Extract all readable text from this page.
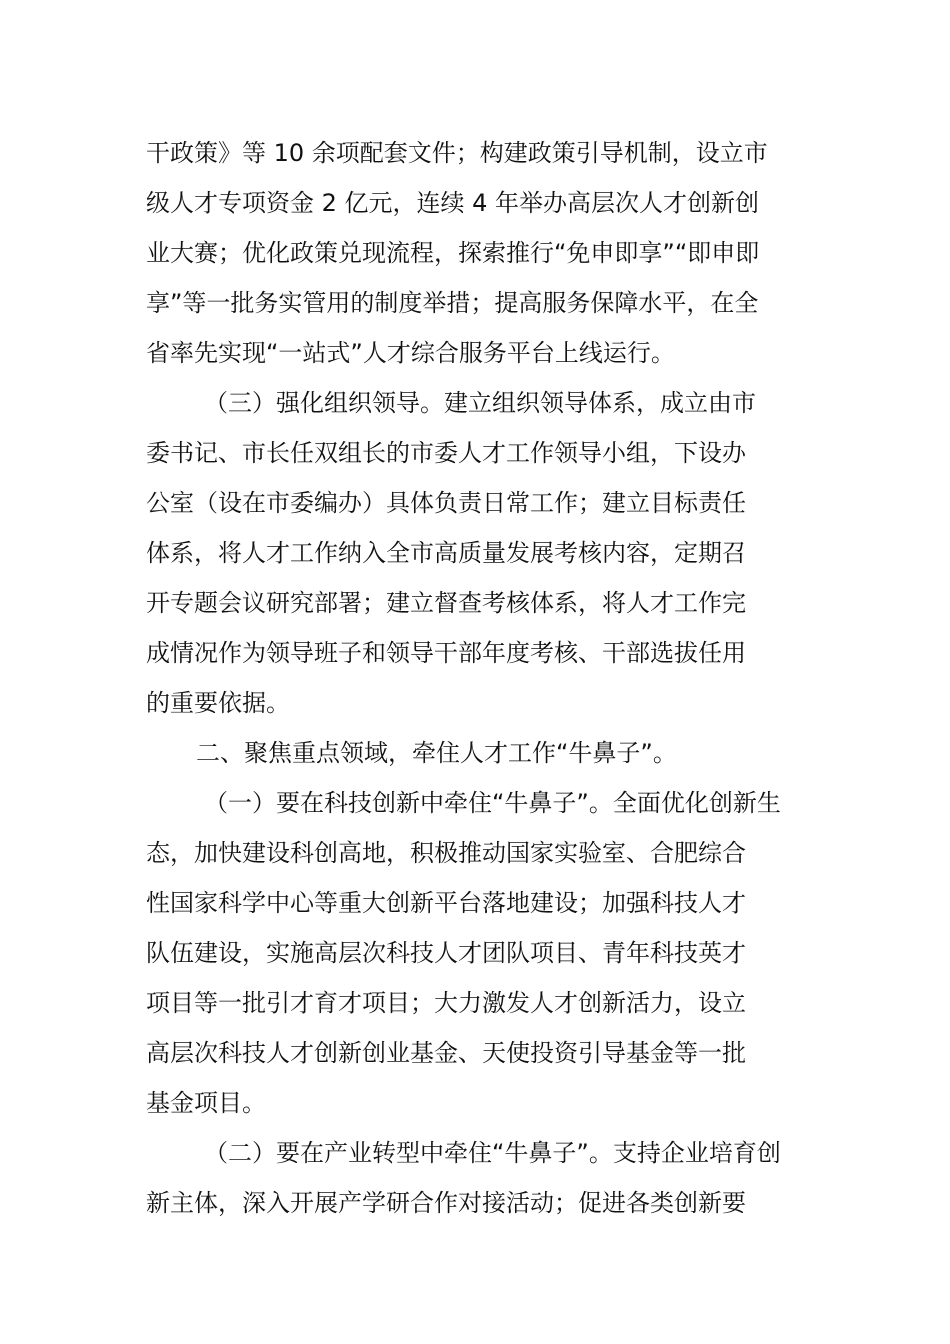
干政策》等 10 余项配套文件；构建政策引导机制，设立市
级人才专项资金 2 亿元，连续 4 年举办高层次人才创新创
业大赛；优化政策兑现流程，探索推行“免申即享”“即申即
享”等一批务实管用的制度举措；提高服务保障水平，在全
省率先实现“一站式”人才综合服务平台上线运行。
（三）强化组织领导。建立组织领导体系，成立由市
委书记、市长任双组长的市委人才工作领导小组，下设办
公室（设在市委编办）具体负责日常工作；建立目标责任
体系，将人才工作纳入全市高质量发展考核内容，定期召
开专题会议研究部署；建立督查考核体系，将人才工作完
成情况作为领导班子和领导干部年度考核、干部选拔任用
的重要依据。
二、聚焦重点领域，牵住人才工作“牛鼻子”。
（一）要在科技创新中牵住“牛鼻子”。全面优化创新生
态，加快建设科创高地，积极推动国家实验室、合肥综合
性国家科学中心等重大创新平台落地建设；加强科技人才
队伍建设，实施高层次科技人才团队项目、青年科技英才
项目等一批引才育才项目；大力激发人才创新活力，设立
高层次科技人才创新创业基金、天使投资引导基金等一批
基金项目。
（二）要在产业转型中牵住“牛鼻子”。支持企业培育创
新主体，深入开展产学研合作对接活动；促进各类创新要
